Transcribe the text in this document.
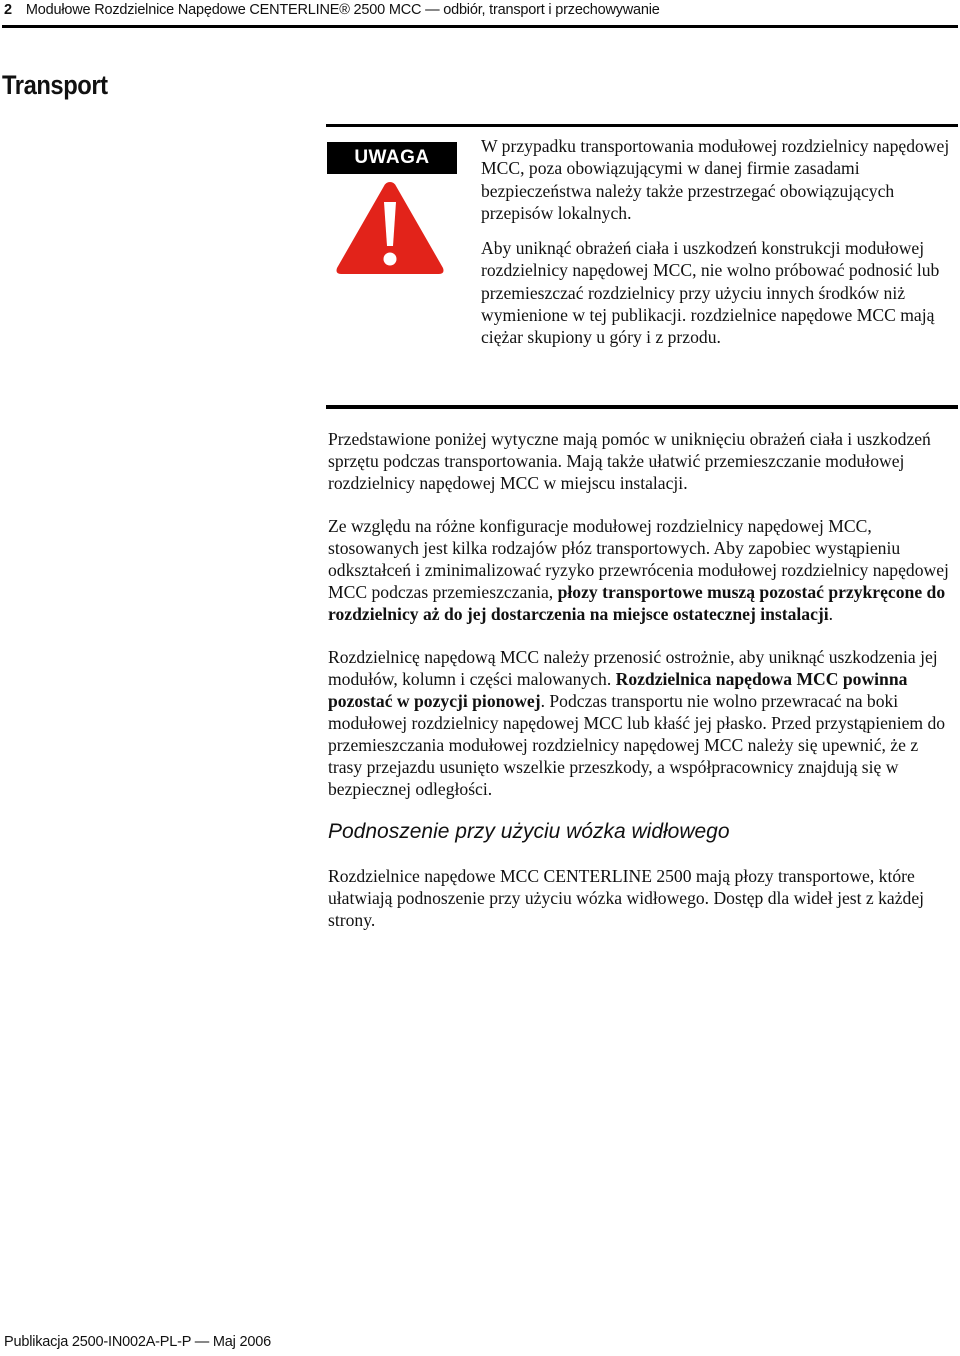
2 Modułowe Rozdzielnice Napędowe CENTERLINE® 2500 MCC — odbiór, transport i przechowywanie
Transport
UWAGA

W przypadku transportowania modułowej rozdzielnicy napędowej MCC, poza obowiązującymi w danej firmie zasadami bezpieczeństwa należy także przestrzegać obowiązujących przepisów lokalnych.

Aby uniknąć obrażeń ciała i uszkodzeń konstrukcji modułowej rozdzielnicy napędowej MCC, nie wolno próbować podnosić lub przemieszczać rozdzielnicy przy użyciu innych środków niż wymienione w tej publikacji. rozdzielnice napędowe MCC mają ciężar skupiony u góry i z przodu.

Przedstawione poniżej wytyczne mają pomóc w uniknięciu obrażeń ciała i uszkodzeń sprzętu podczas transportowania. Mają także ułatwić przemieszczanie modułowej rozdzielnicy napędowej MCC w miejscu instalacji.

Ze względu na różne konfiguracje modułowej rozdzielnicy napędowej MCC, stosowanych jest kilka rodzajów płóz transportowych. Aby zapobiec wystąpieniu odkształceń i zminimalizować ryzyko przewrócenia modułowej rozdzielnicy napędowej MCC podczas przemieszczania, płozy transportowe muszą pozostać przykręcone do rozdzielnicy aż do jej dostarczenia na miejsce ostatecznej instalacji.

Rozdzielnicę napędową MCC należy przenosić ostrożnie, aby uniknąć uszkodzenia jej modułów, kolumn i części malowanych. Rozdzielnica napędowa MCC powinna pozostać w pozycji pionowej. Podczas transportu nie wolno przewracać na boki modułowej rozdzielnicy napędowej MCC lub kłaść jej płasko. Przed przystąpieniem do przemieszczania modułowej rozdzielnicy napędowej MCC należy się upewnić, że z trasy przejazdu usunięto wszelkie przeszkody, a współpracownicy znajdują się w bezpiecznej odległości.

Podnoszenie przy użyciu wózka widłowego

Rozdzielnice napędowe MCC CENTERLINE 2500 mają płozy transportowe, które ułatwiają podnoszenie przy użyciu wózka widłowego. Dostęp dla wideł jest z każdej strony.

Publikacja 2500-IN002A-PL-P — Maj 2006
